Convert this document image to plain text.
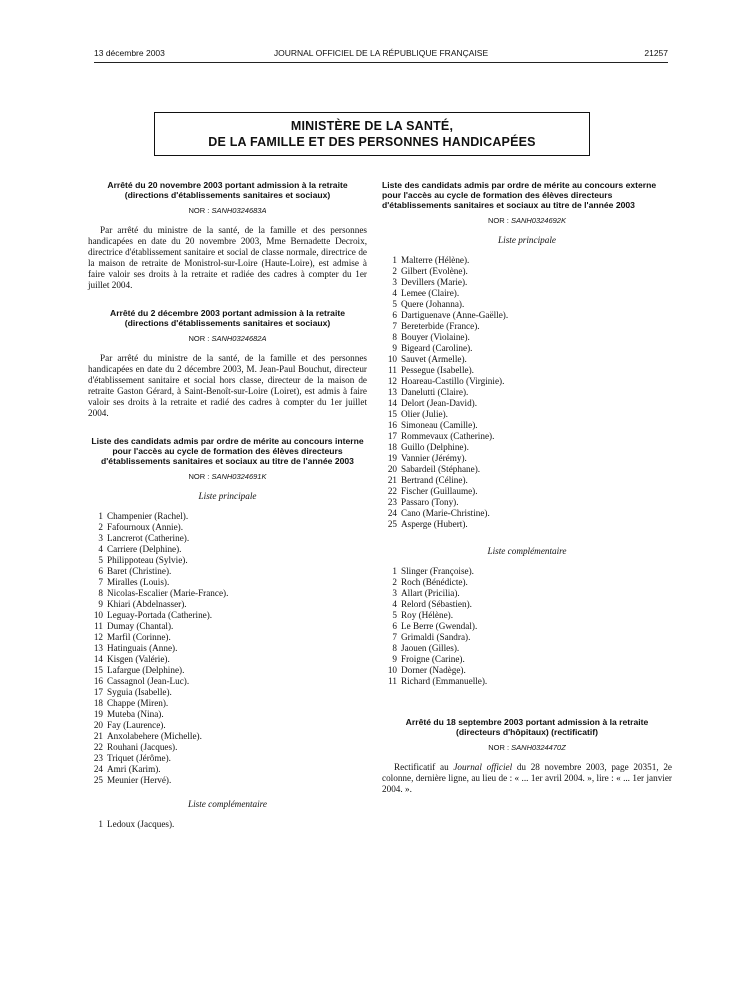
13 décembre 2003	JOURNAL OFFICIEL DE LA RÉPUBLIQUE FRANÇAISE	21257
MINISTÈRE DE LA SANTÉ,
DE LA FAMILLE ET DES PERSONNES HANDICAPÉES

Arrêté du 20 novembre 2003 portant admission à la retraite (directions d'établissements sanitaires et sociaux)

NOR : SANH0324683A

Par arrêté du ministre de la santé, de la famille et des personnes handicapées en date du 20 novembre 2003, Mme Bernadette Decroix, directrice d'établissement sanitaire et social de classe normale, directrice de la maison de retraite de Monistrol-sur-Loire (Haute-Loire), est admise à faire valoir ses droits à la retraite et radiée des cadres à compter du 1er juillet 2004.

Arrêté du 2 décembre 2003 portant admission à la retraite (directions d'établissements sanitaires et sociaux)

NOR : SANH0324682A

Par arrêté du ministre de la santé, de la famille et des personnes handicapées en date du 2 décembre 2003, M. Jean-Paul Bouchut, directeur d'établissement sanitaire et social hors classe, directeur de la maison de retraite Gaston Gérard, à Saint-Benoît-sur-Loire (Loiret), est admis à faire valoir ses droits à la retraite et radié des cadres à compter du 1er juillet 2004.

Liste des candidats admis par ordre de mérite au concours interne pour l'accès au cycle de formation des élèves directeurs d'établissements sanitaires et sociaux au titre de l'année 2003

NOR : SANH0324691K
Liste principale
1 Champenier (Rachel).
2 Fafournoux (Annie).
3 Lancrerot (Catherine).
4 Carriere (Delphine).
5 Philippoteau (Sylvie).
6 Baret (Christine).
7 Miralles (Louis).
8 Nicolas-Escalier (Marie-France).
9 Khiari (Abdelnasser).
10 Leguay-Portada (Catherine).
11 Dumay (Chantal).
12 Marfil (Corinne).
13 Hatinguais (Anne).
14 Kisgen (Valérie).
15 Lafargue (Delphine).
16 Cassagnol (Jean-Luc).
17 Syguia (Isabelle).
18 Chappe (Miren).
19 Muteba (Nina).
20 Fay (Laurence).
21 Anxolabehere (Michelle).
22 Rouhani (Jacques).
23 Triquet (Jérôme).
24 Amri (Karim).
25 Meunier (Hervé).
Liste complémentaire
1 Ledoux (Jacques).

Liste des candidats admis par ordre de mérite au concours externe pour l'accès au cycle de formation des élèves directeurs d'établissements sanitaires et sociaux au titre de l'année 2003

NOR : SANH0324692K
Liste principale
1 Malterre (Hélène).
2 Gilbert (Evolène).
3 Devillers (Marie).
4 Lemee (Claire).
5 Quere (Johanna).
6 Dartiguenave (Anne-Gaëlle).
7 Bereterbide (France).
8 Bouyer (Violaine).
9 Bigeard (Caroline).
10 Sauvet (Armelle).
11 Pessegue (Isabelle).
12 Hoareau-Castillo (Virginie).
13 Danelutti (Claire).
14 Delort (Jean-David).
15 Olier (Julie).
16 Simoneau (Camille).
17 Rommevaux (Catherine).
18 Guillo (Delphine).
19 Vannier (Jérémy).
20 Sabardeil (Stéphane).
21 Bertrand (Céline).
22 Fischer (Guillaume).
23 Passaro (Tony).
24 Cano (Marie-Christine).
25 Asperge (Hubert).
Liste complémentaire
1 Slinger (Françoise).
2 Roch (Bénédicte).
3 Allart (Pricilia).
4 Relord (Sébastien).
5 Roy (Hélène).
6 Le Berre (Gwendal).
7 Grimaldi (Sandra).
8 Jaouen (Gilles).
9 Froigne (Carine).
10 Dorner (Nadège).
11 Richard (Emmanuelle).

Arrêté du 18 septembre 2003 portant admission à la retraite (directeurs d'hôpitaux) (rectificatif)

NOR : SANH0324470Z

Rectificatif au Journal officiel du 28 novembre 2003, page 20351, 2e colonne, dernière ligne, au lieu de : « ... 1er avril 2004. », lire : « ... 1er janvier 2004. ».
